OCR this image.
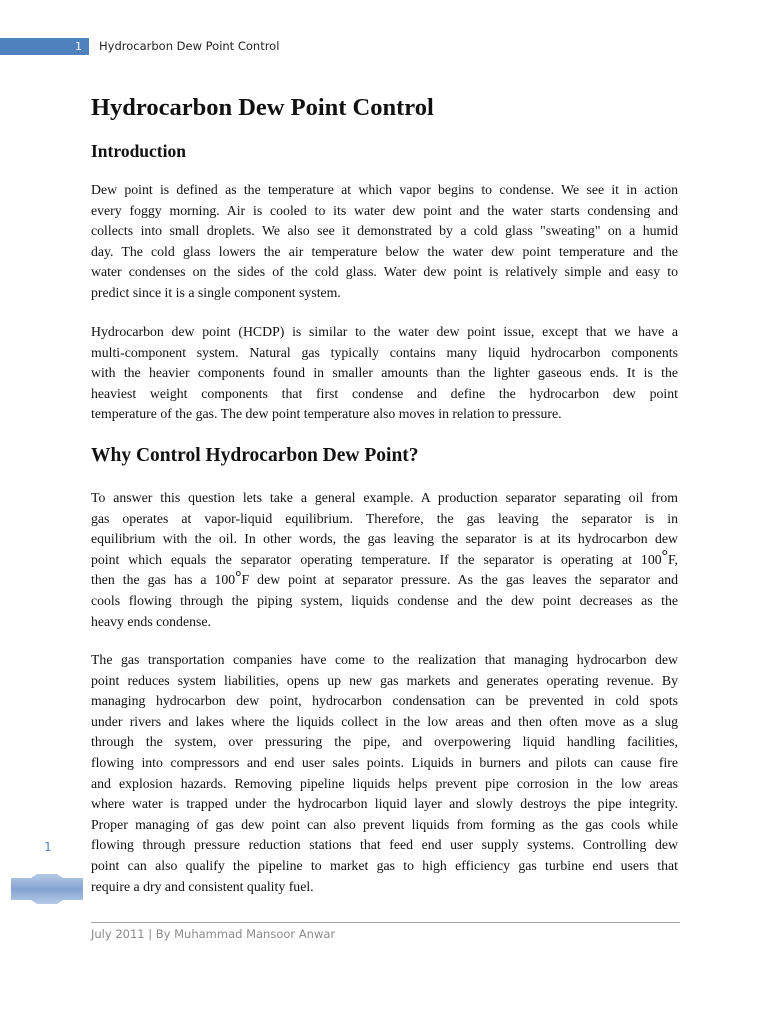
1 Hydrocarbon Dew Point Control
Hydrocarbon Dew Point Control
Introduction

Dew point is defined as the temperature at which vapor begins to condense. We see it in action
every foggy morning. Air is cooled to its water dew point and the water starts condensing and
collects into small droplets. We also see it demonstrated by a cold glass "sweating" on a humid
day. The cold glass lowers the air temperature below the water dew point temperature and the
water condenses on the sides of the cold glass. Water dew point is relatively simple and easy to
predict since it is a single component system.

Hydrocarbon dew point (HCDP) is similar to the water dew point issue, except that we have a
multi-component system. Natural gas typically contains many liquid hydrocarbon components
with the heavier components found in smaller amounts than the lighter gaseous ends. It is the
heaviest weight components that first condense and define the hydrocarbon dew point
temperature of the gas. The dew point temperature also moves in relation to pressure.

Why Control Hydrocarbon Dew Point?

To answer this question lets take a general example. A production separator separating oil from
gas operates at vapor-liquid equilibrium. Therefore, the gas leaving the separator is in
equilibrium with the oil. In other words, the gas leaving the separator is at its hydrocarbon dew
point which equals the separator operating temperature. If the separator is operating at 100°F,
then the gas has a 100°F dew point at separator pressure. As the gas leaves the separator and
cools flowing through the piping system, liquids condense and the dew point decreases as the
heavy ends condense.

The gas transportation companies have come to the realization that managing hydrocarbon dew
point reduces system liabilities, opens up new gas markets and generates operating revenue. By
managing hydrocarbon dew point, hydrocarbon condensation can be prevented in cold spots
under rivers and lakes where the liquids collect in the low areas and then often move as a slug
through the system, over pressuring the pipe, and overpowering liquid handling facilities,
flowing into compressors and end user sales points. Liquids in burners and pilots can cause fire
and explosion hazards. Removing pipeline liquids helps prevent pipe corrosion in the low areas
where water is trapped under the hydrocarbon liquid layer and slowly destroys the pipe integrity.
Proper managing of gas dew point can also prevent liquids from forming as the gas cools while
flowing through pressure reduction stations that feed end user supply systems. Controlling dew
point can also qualify the pipeline to market gas to high efficiency gas turbine end users that
require a dry and consistent quality fuel.

1
July 2011 | By Muhammad Mansoor Anwar
